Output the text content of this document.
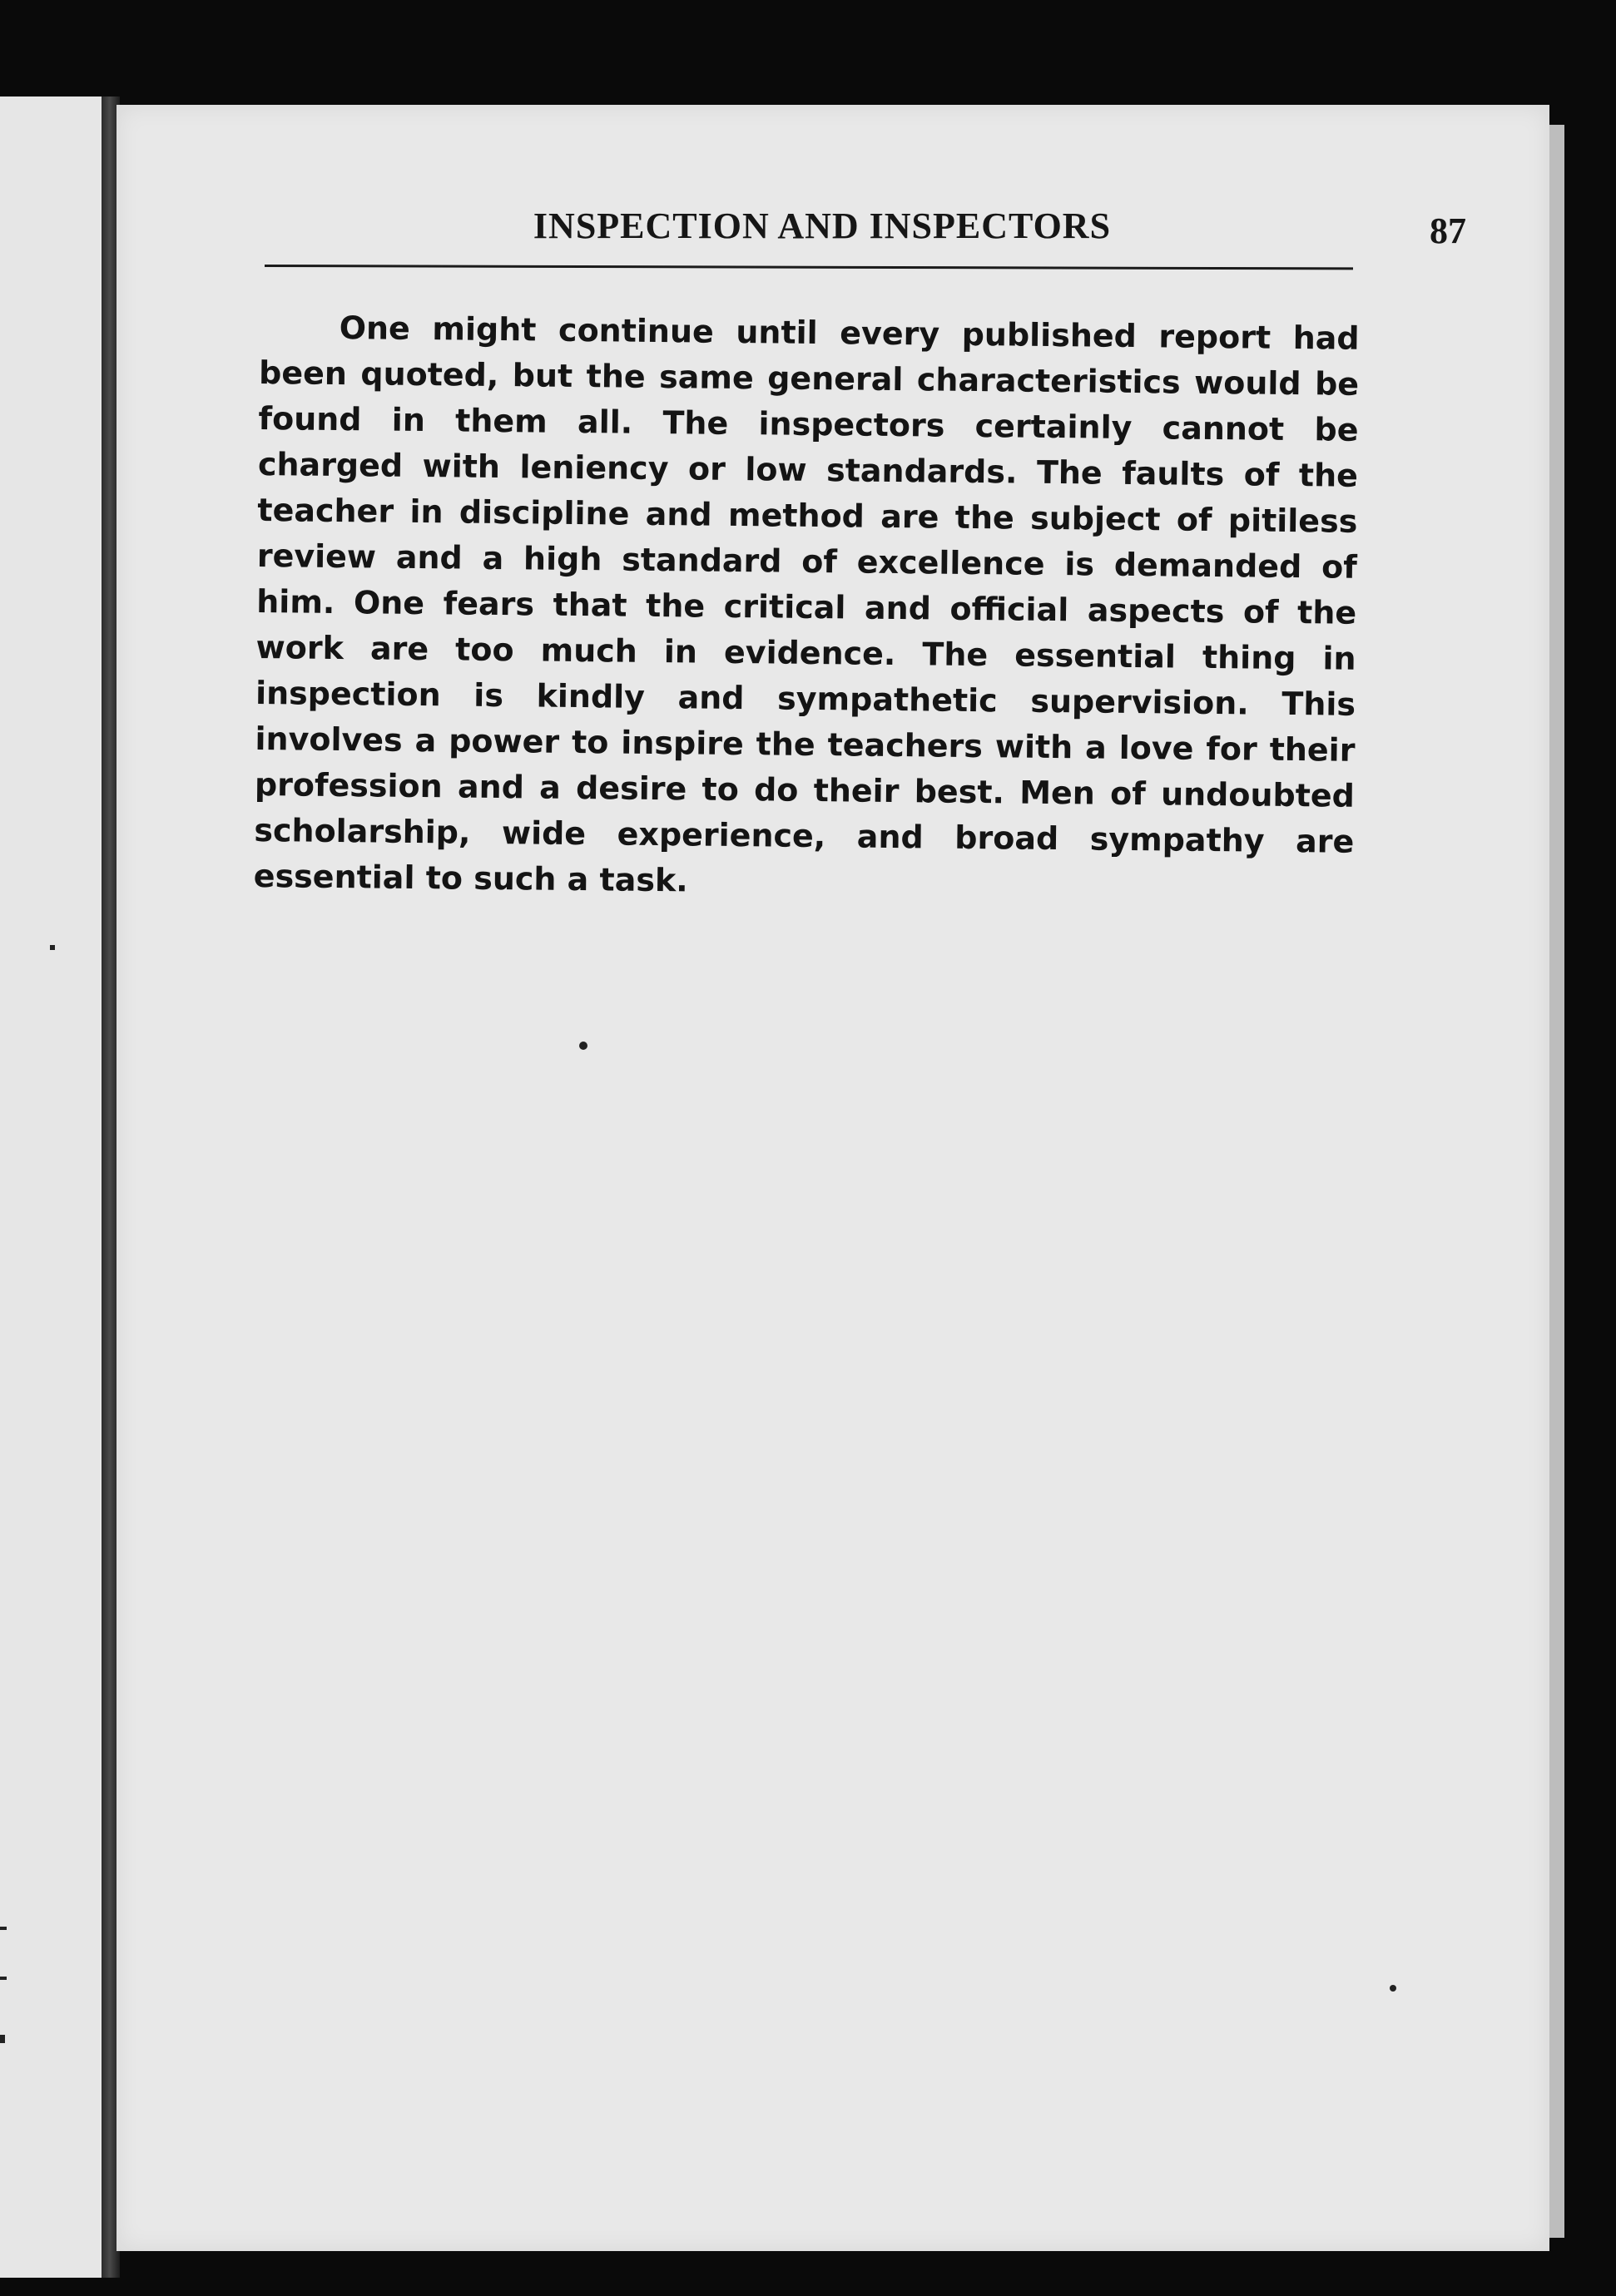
INSPECTION AND INSPECTORS	87

One might continue until every published report had been quoted, but the same general characteristics would be found in them all. The inspectors certainly cannot be charged with leniency or low standards. The faults of the teacher in discipline and method are the subject of pitiless review and a high standard of excellence is demanded of him. One fears that the critical and official aspects of the work are too much in evidence. The essential thing in inspection is kindly and sympathetic supervision. This involves a power to inspire the teachers with a love for their profession and a desire to do their best. Men of undoubted scholarship, wide experience, and broad sympathy are essential to such a task.
